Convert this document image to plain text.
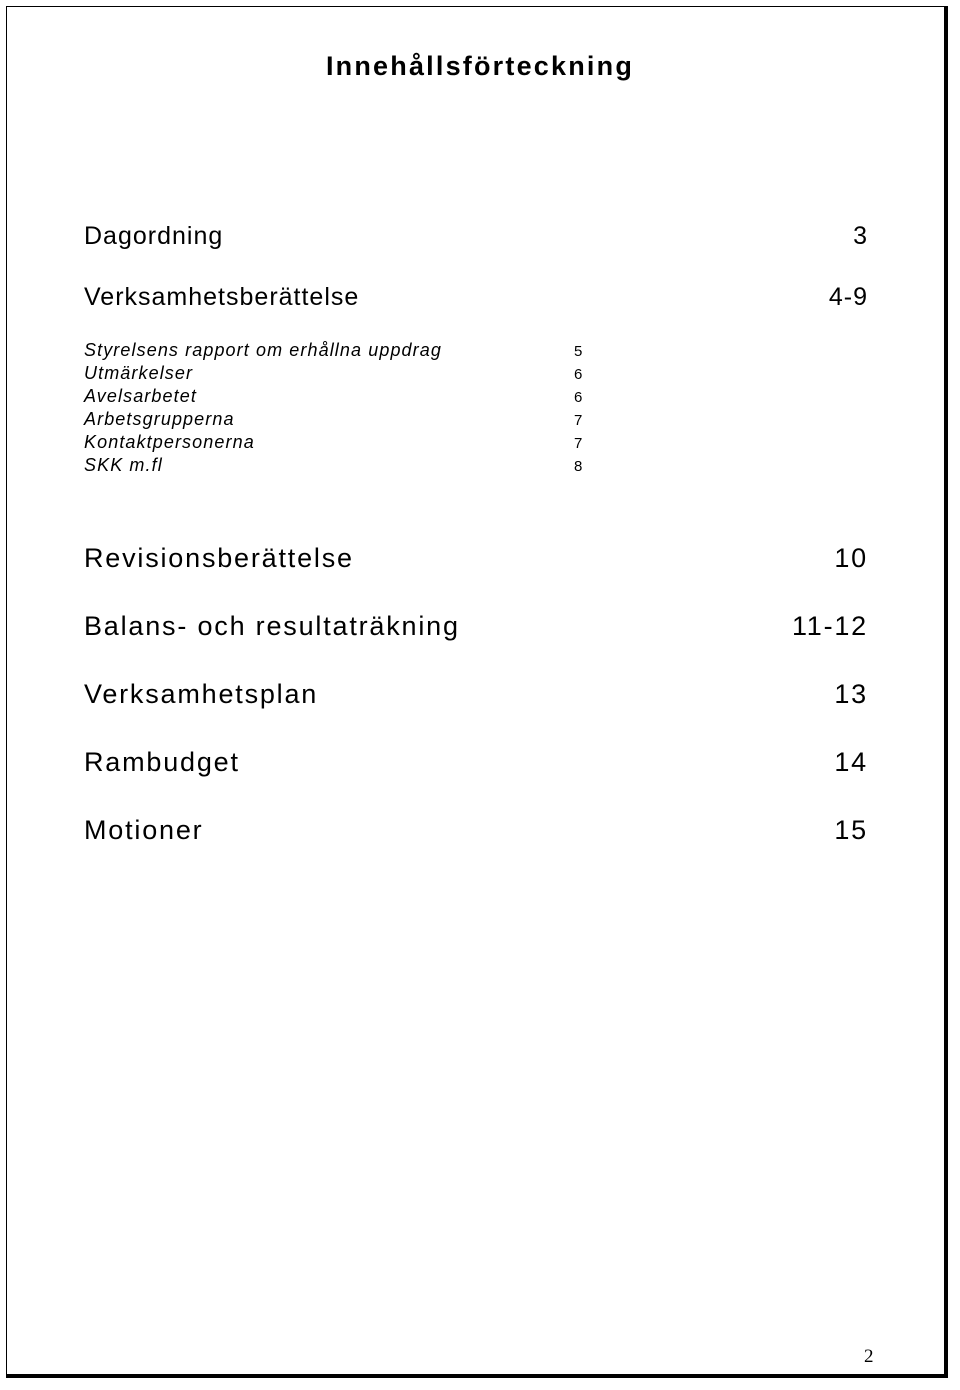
Innehållsförteckning
Dagordning	3
Verksamhetsberättelse	4-9
Styrelsens rapport om erhållna uppdrag	5
Utmärkelser	6
Avelsarbetet	6
Arbetsgrupperna	7
Kontaktpersonerna	7
SKK m.fl	8
Revisionsberättelse	10
Balans- och resultaträkning	11-12
Verksamhetsplan	13
Rambudget	14
Motioner	15
2
